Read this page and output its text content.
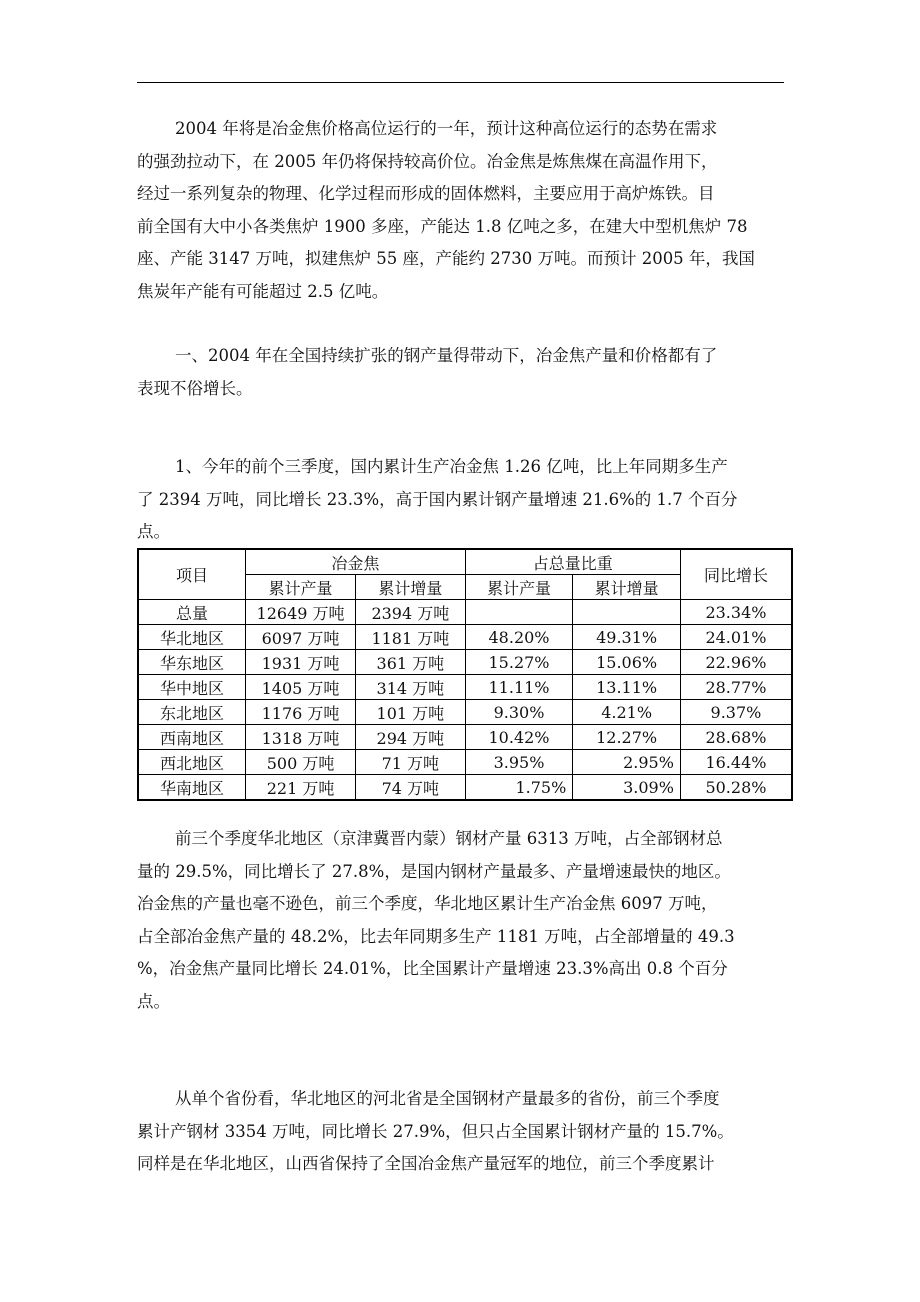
2004 年将是冶金焦价格高位运行的一年，预计这种高位运行的态势在需求
的强劲拉动下，在 2005 年仍将保持较高价位。冶金焦是炼焦煤在高温作用下，
经过一系列复杂的物理、化学过程而形成的固体燃料，主要应用于高炉炼铁。目
前全国有大中小各类焦炉 1900 多座，产能达 1.8 亿吨之多，在建大中型机焦炉 78
座、产能 3147 万吨，拟建焦炉 55 座，产能约 2730 万吨。而预计 2005 年，我国
焦炭年产能有可能超过 2.5 亿吨。
一、2004 年在全国持续扩张的钢产量得带动下，冶金焦产量和价格都有了
表现不俗增长。
1、今年的前个三季度，国内累计生产冶金焦 1.26 亿吨，比上年同期多生产
了 2394 万吨，同比增长 23.3%，高于国内累计钢产量增速 21.6%的 1.7 个百分
点。
项目	冶金焦		占总量比重		同比增长
	累计产量	累计增量	累计产量	累计增量	
总量	12649 万吨	2394 万吨			23.34%
华北地区	6097 万吨	1181 万吨	48.20%	49.31%	24.01%
华东地区	1931 万吨	361 万吨	15.27%	15.06%	22.96%
华中地区	1405 万吨	314 万吨	11.11%	13.11%	28.77%
东北地区	1176 万吨	101 万吨	9.30%	4.21%	9.37%
西南地区	1318 万吨	294 万吨	10.42%	12.27%	28.68%
西北地区	500 万吨	71 万吨	3.95%	2.95%	16.44%
华南地区	221 万吨	74 万吨	1.75%	3.09%	50.28%
前三个季度华北地区（京津冀晋内蒙）钢材产量 6313 万吨，占全部钢材总
量的 29.5%，同比增长了 27.8%，是国内钢材产量最多、产量增速最快的地区。
冶金焦的产量也毫不逊色，前三个季度，华北地区累计生产冶金焦 6097 万吨，
占全部冶金焦产量的 48.2%，比去年同期多生产 1181 万吨，占全部增量的 49.3
%，冶金焦产量同比增长 24.01%，比全国累计产量增速 23.3%高出 0.8 个百分
点。
从单个省份看，华北地区的河北省是全国钢材产量最多的省份，前三个季度
累计产钢材 3354 万吨，同比增长 27.9%，但只占全国累计钢材产量的 15.7%。
同样是在华北地区，山西省保持了全国冶金焦产量冠军的地位，前三个季度累计
